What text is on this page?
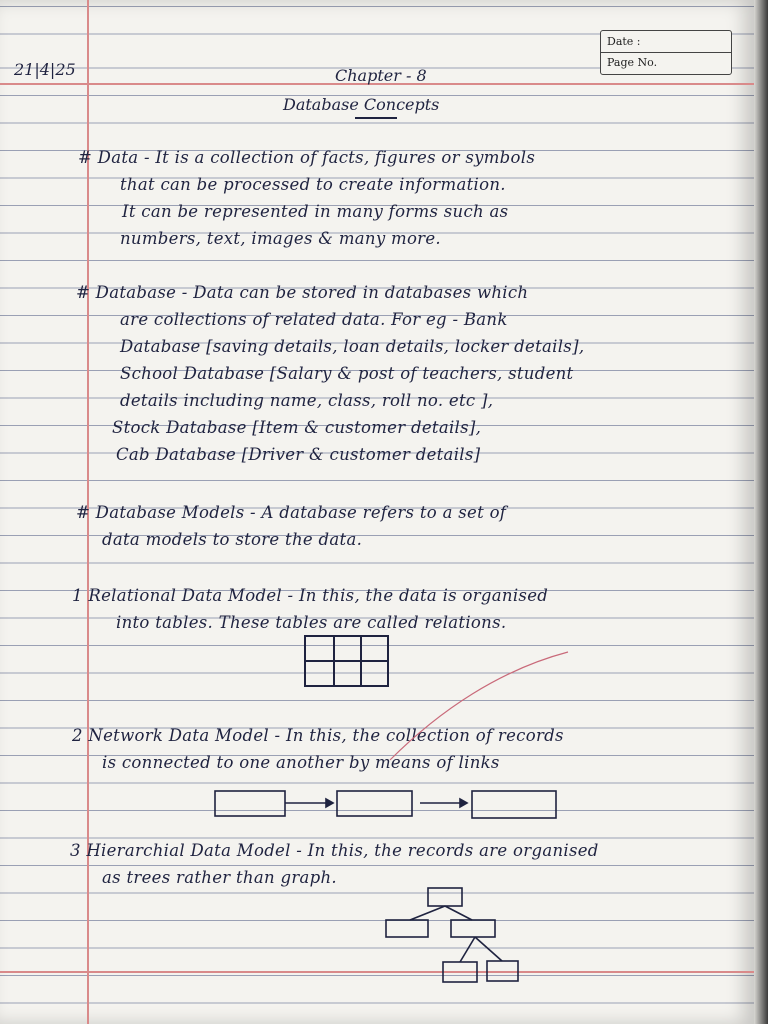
Date :
Page No.
21|4|25	Chapter - 8
Database Concepts
# Data - It is a collection of facts, figures or symbols
that can be processed to create information.
It can be represented in many forms such as
numbers, text, images & many more.
# Database - Data can be stored in databases which
are collections of related data. For eg - Bank
Database [saving details, loan details, locker details],
School Database [Salary & post of teachers, student
details including name, class, roll no. etc ],
Stock Database [Item & customer details],
Cab Database [Driver & customer details]
# Database Models - A database refers to a set of
data models to store the data.
1 Relational Data Model - In this, the data is organised
into tables. These tables are called relations.
2 Network Data Model - In this, the collection of records
is connected to one another by means of links
3 Hierarchial Data Model - In this, the records are organised
as trees rather than graph.
